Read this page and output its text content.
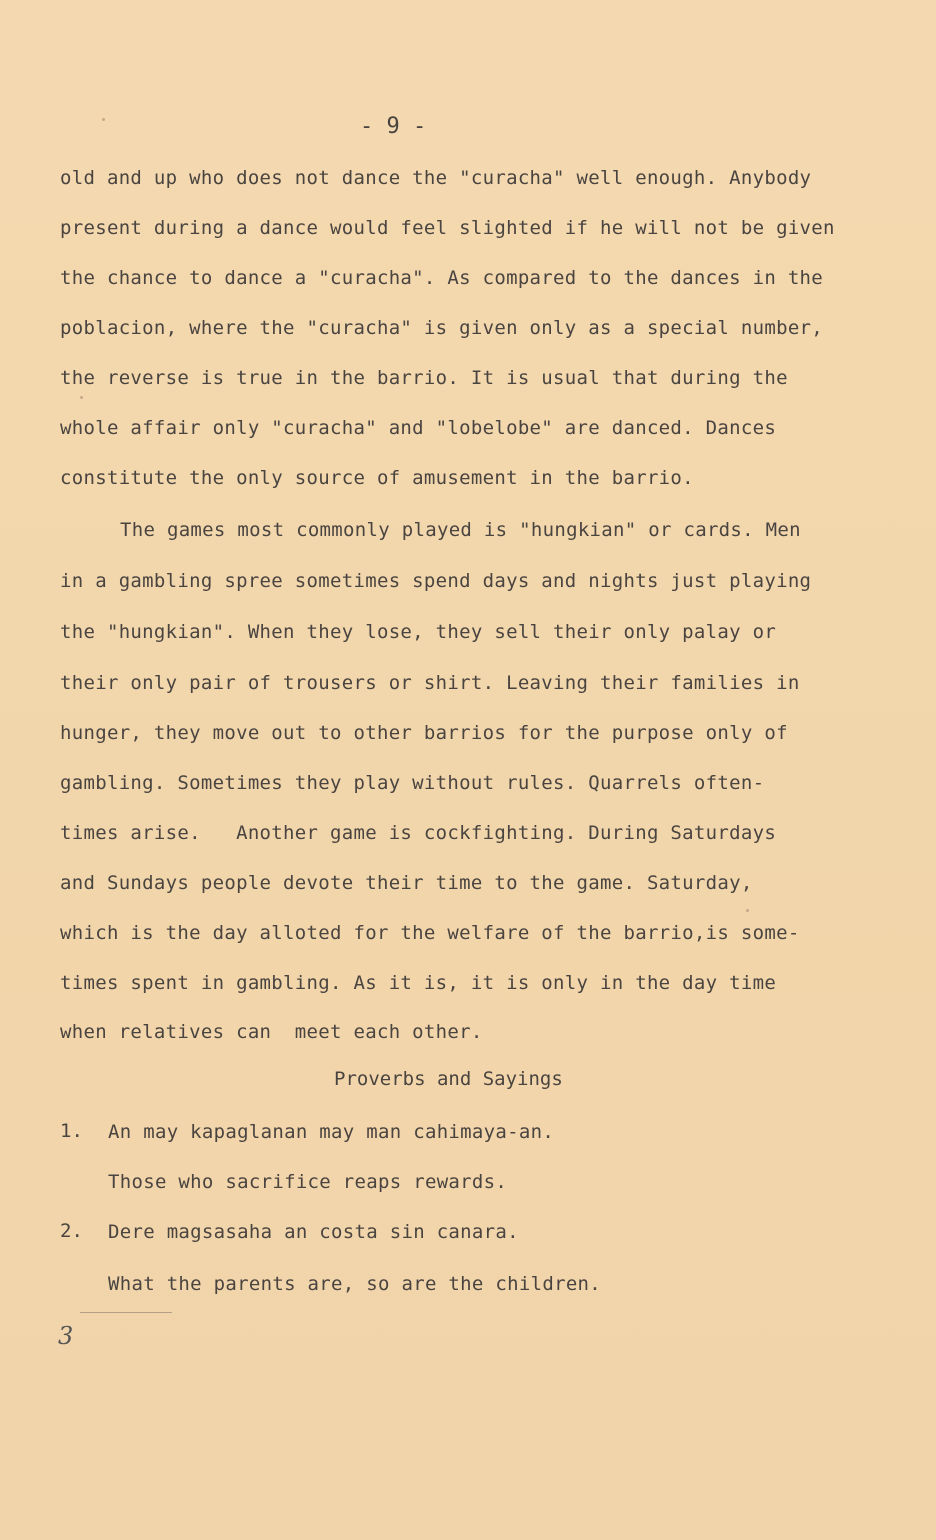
- 9 -
old and up who does not dance the "curacha" well enough. Anybody
present during a dance would feel slighted if he will not be given
the chance to dance a "curacha". As compared to the dances in the
poblacion, where the "curacha" is given only as a special number,
the reverse is true in the barrio. It is usual that during the
whole affair only "curacha" and "lobelobe" are danced. Dances
constitute the only source of amusement in the barrio.
The games most commonly played is "hungkian" or cards. Men
in a gambling spree sometimes spend days and nights just playing
the "hungkian". When they lose, they sell their only palay or
their only pair of trousers or shirt. Leaving their families in
hunger, they move out to other barrios for the purpose only of
gambling. Sometimes they play without rules. Quarrels often-
times arise.   Another game is cockfighting. During Saturdays
and Sundays people devote their time to the game. Saturday,
which is the day alloted for the welfare of the barrio,is some-
times spent in gambling. As it is, it is only in the day time
when relatives can  meet each other.
Proverbs and Sayings
1. An may kapaglanan may man cahimaya-an.
Those who sacrifice reaps rewards.
2. Dere magsasaha an costa sin canara.
What the parents are, so are the children.
3
